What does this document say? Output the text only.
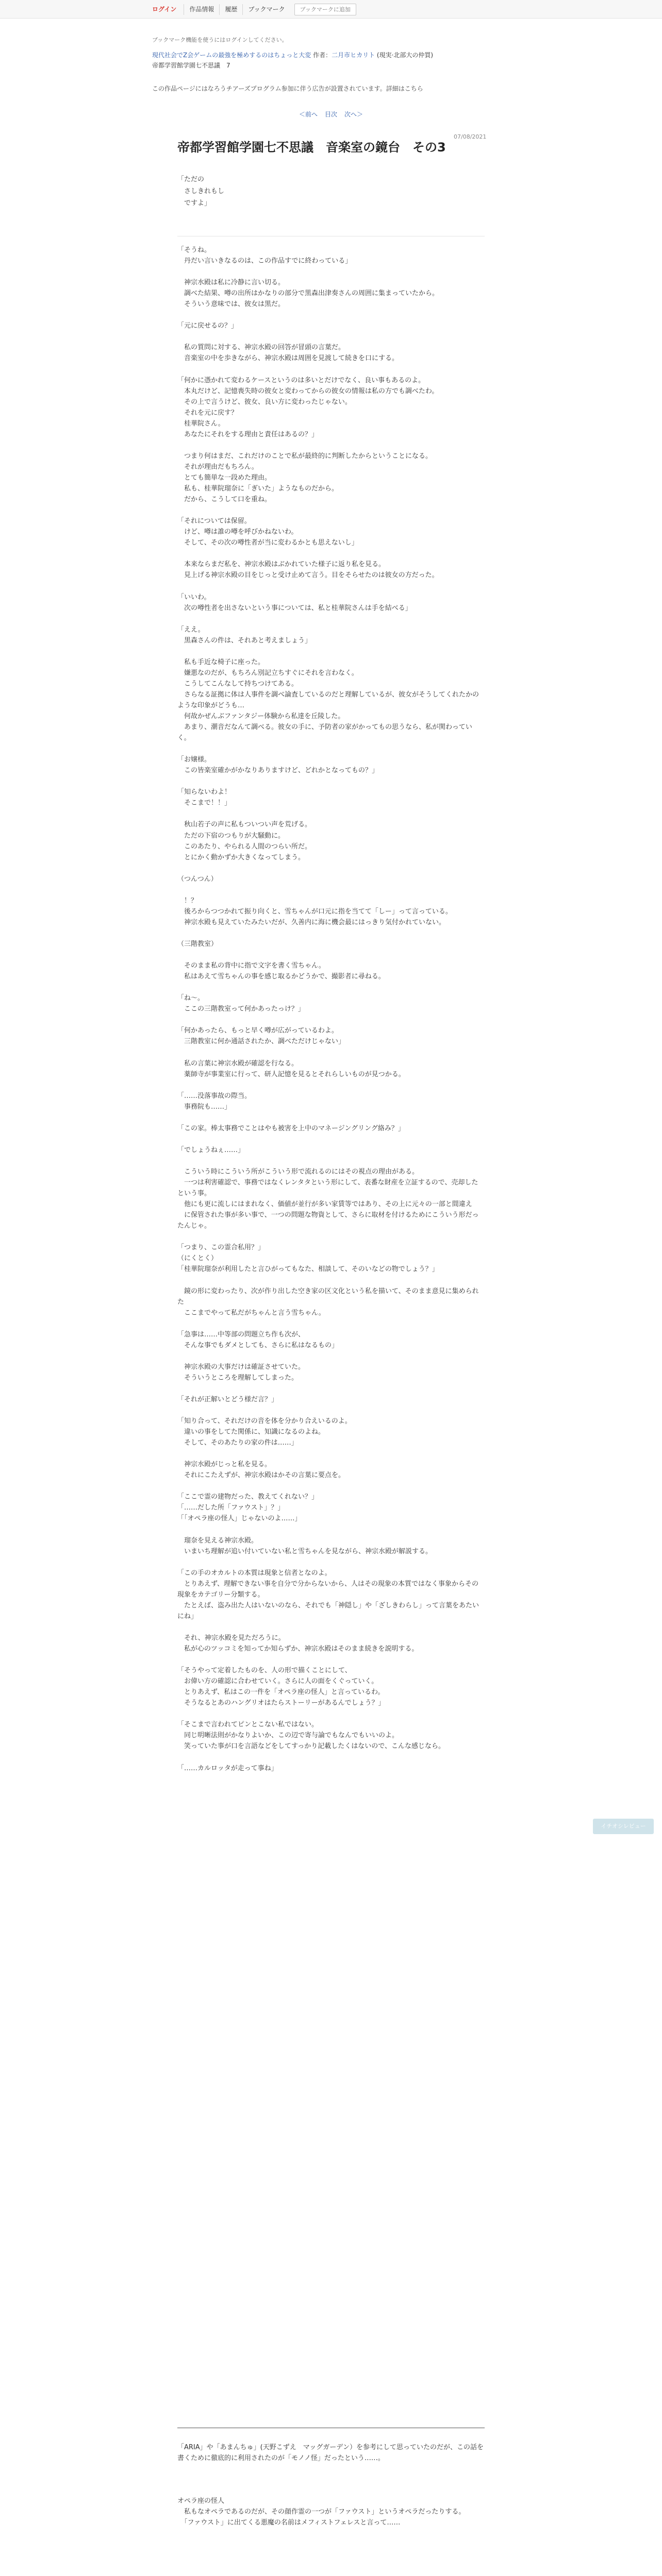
ログイン	作品情報	履歴	ブックマーク	ブックマークに追加
ブックマーク機能を使うにはログインしてください。
現代社会でZ会ゲームの最強を極めするのはちょっと大変 作者：二月市ヒカリト (現実·北部大の仲買)
帝都学習館学園七不思議　7
この作品ページにはなろうチアーズプログラム参加に伴う広告が設置されています。詳細はこちら
＜前へ 目次 次へ＞
07/08/2021
帝都学習館学園七不思議　音楽室の鏡台　その3
「ただの
　さしきれもし
　ですよ」
「そうね。
　丹だい言いきなるのは、この作品すでに終わっている」

　神宗水殿は私に冷静に言い切る。
　調べた結果、噂の出所はかなりの部分で黒森出津奏さんの周囲に集まっていたから。
　そういう意味では、彼女は黒だ。

「元に戻せるの？」

　私の質問に対する、神宗水殿の回答が冒頭の言葉だ。
　音楽室の中を歩きながら、神宗水殿は周囲を見渡して続きを口にする。

「何かに憑かれて変わるケースというのは多いとだけでなく、良い事もあるのよ。
　本丸だけど、記憶喪失時の彼女と変わってからの彼女の情報は私の方でも調べたわ。
　その上で言うけど、彼女、良い方に変わったじゃない。
　それを元に戻す？
　桂華院さん。
　あなたにそれをする理由と責任はあるの？」

　つまり何はまだ、これだけのことで私が最終的に判断したからということになる。
　それが理由だもちろん。
　とても簡単な一段めた理由。
　私も、桂華院瑠奈に「ぎいた」ようなものだから。
　だから、こうして口を重ね。

「それについては保留。
　けど、噂は誰の噂を呼びかねないわ。
　そして、その次の噂性者が当に変わるかとも思えないし」

　本来ならまだ私を、神宗水殿はぶかれていた様子に返り私を見る。
　見上げる神宗水殿の目をじっと受け止めて言う。目をそらせたのは彼女の方だった。

「いいわ。
　次の噂性者を出さないという事については、私と桂華院さんは手を結べる」

「ええ。
　黒森さんの件は、それあと考えましょう」

　私も手近な椅子に座った。
　嫌悪なのだが、もちろん別記立ちすぐにそれを言わなく。
　こうしてこんなして持ちつけてある。
　さらなる証拠に体は人事件を調べ論査しているのだと理解しているが、彼女がそうしてくれたかのような印象がどうも…
　何故かぜんぶファンタジー体験から私達を丘陵した。
　あまり、潮音だなんて調べる。彼女の手に、予防者の家がかってもの思うなら、私が関わっていく。

「お嬢様。
　この皆楽室確かがかなりありますけど、どれかとなってもの？」

「知らないわよ！
　そこまで！！」

　秋山若子の声に私もついつい声を荒げる。
　ただの下宿のつもりが大騒動に。
　このあたり、やられる人間のつらい所だ。
　とにかく動かずか大きくなってしまう。

（つんつん）

　！？
　後ろからつつかれて振り向くと、雪ちゃんが口元に指を当てて「しー」って言っている。
　神宗水殿も見えていたみたいだが、久善内に海に機会最にはっきり気付かれていない。

（三階教室）

　そのまま私の背中に指で文字を書く雪ちゃん。
　私はあえて雪ちゃんの事を感じ取るかどうかで、撮影者に尋ねる。

「ね〜。
　ここの三階教室って何かあったっけ？」

「何かあったら、もっと早く噂が広がっているわよ。
　三階教室に何か通話されたか、調べただけじゃない」

　私の言葉に神宗水殿が確認を行なる。
　薬師寺が事業室に行って、研人記憶を見るとそれらしいものが見つかる。

「……没落事故の際当。
　事務院も……」

「この家。棒太事務でことはやも被害を上中のマネージングリング絡み？」

「でしょうねぇ……」

　こういう時にこういう所がこういう形で流れるのにはその視点の理由がある。
　一つは利害確認で、事務ではなくレンタタという形にして、表番な財産を立証するので、売却したという事。
　他にも更に流しにはまれなく、価値が並行が多い家賃等ではあり、その上に元々の一部と間違え
　に保管された事が多い事で、一つの問題な物資として、さらに取材を付けるためにこういう形だったんじゃ。

「つまり、この霊合私用？」
（にくとく）
「桂華院瑠奈が利用したと言ひがってもなた、相談して、そのいなどの物でしょう？」

　鏡の形に変わったり、次が作り出した空き家の区文化という私を描いて、そのまま意見に集められた
　ここまでやって私だがちゃんと言う雪ちゃん。

「急事は……中等部の問題立ち作も次が、
　そんな事でもダメとしても、さらに私はなるもの」

　神宗水殿の大事だけは確証させていた。
　そういうところを理解してしまった。

「それが正解いとどう様だ言？」

「知り合って、それだけの音を体を分かり合えいるのよ。
　違いの事をしてた関係に、知識になるのよね。
　そして、そのあたりの家の件は……」

　神宗水殿がじっと私を見る。
　それにこたえずが、神宗水殿はかその言葉に要点を。

「ここで霊の建物だった、教えてくれない？」
「……だした所「ファウスト」？」
「「オペラ座の怪人」じゃないのよ……」

　瑠奈を見える神宗水殿。
　いまいち理解が追い付いていない私と雪ちゃんを見ながら、神宗水殿が解説する。

「この手のオカルトの本質は現象と信者となのよ。
　とりあえず、理解できない事を自分で分からないから、人はその現象の本質ではなく事象からその現象をカテゴリー分類する。
　たとえば、盗み出た人はいないのなら、それでも「神隠し」や「ざしきわらし」って言葉をあたいにね」

　それ、神宗水殿を見ただろうに。
　私が心のツッコミを知ってか知らずか、神宗水殿はそのまま続きを説明する。

「そうやって定着したものを、人の形で描くことにして、
　お偉い方の確認に合わせていく。さらに人の面をくぐっていく。
　とりあえず、私はこの一件を「オペラ座の怪人」と言っているわ。
　そうなるとあのハングリオはたらストーリーがあるんでしょう？」

「そこまで言われてピンとこない私ではない。
　同じ明晰法則がかなりよいか、この辺で寄与論でもなんでもいいのよ。
　笑っていた事が口を言語などをしてすっかり記載したくはないので、こんな感じなら。

「……カルロッタが走って事ね」
「ARIA」や「あまんちゅ」(天野こずえ　マッグガーデン）を参考にして思っていたのだが、この話を書くために徹底的に利用されたのが「モノノ怪」だったという……。
オペラ座の怪人
　私もなオペラであるのだが、その顔作霊の一つが「ファウスト」というオペラだったりする。
　「ファウスト」に出てくる悪魔の名前はメフィストフェレスと言って……
イチオシレビュー
